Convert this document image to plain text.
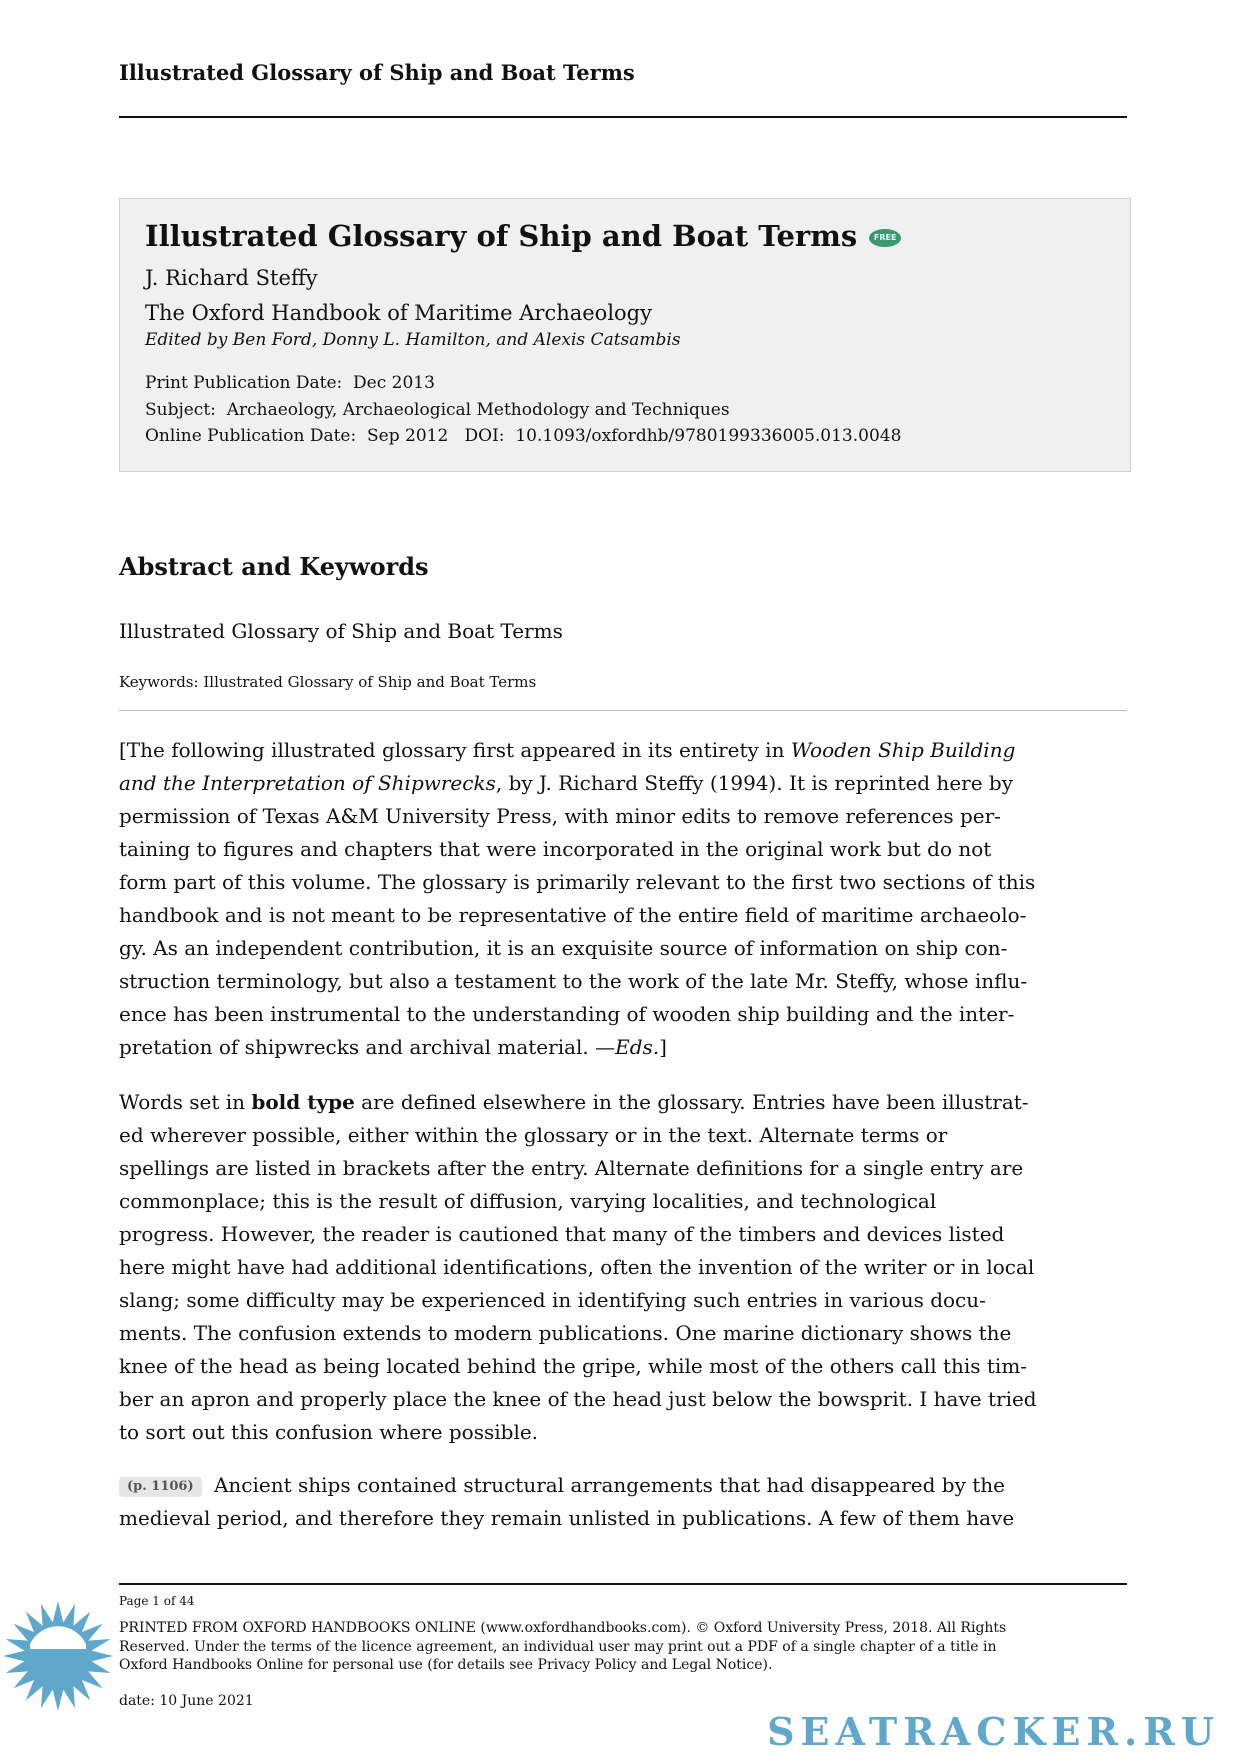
Illustrated Glossary of Ship and Boat Terms
Illustrated Glossary of Ship and Boat Terms FREE
J. Richard Steffy
The Oxford Handbook of Maritime Archaeology
Edited by Ben Ford, Donny L. Hamilton, and Alexis Catsambis
Print Publication Date: Dec 2013
Subject: Archaeology, Archaeological Methodology and Techniques
Online Publication Date: Sep 2012 DOI: 10.1093/oxfordhb/9780199336005.013.0048
Abstract and Keywords
Illustrated Glossary of Ship and Boat Terms
Keywords: Illustrated Glossary of Ship and Boat Terms
[The following illustrated glossary first appeared in its entirety in Wooden Ship Building
and the Interpretation of Shipwrecks, by J. Richard Steffy (1994). It is reprinted here by
permission of Texas A&M University Press, with minor edits to remove references per-
taining to figures and chapters that were incorporated in the original work but do not
form part of this volume. The glossary is primarily relevant to the first two sections of this
handbook and is not meant to be representative of the entire field of maritime archaeolo-
gy. As an independent contribution, it is an exquisite source of information on ship con-
struction terminology, but also a testament to the work of the late Mr. Steffy, whose influ-
ence has been instrumental to the understanding of wooden ship building and the inter-
pretation of shipwrecks and archival material. —Eds.]
Words set in bold type are defined elsewhere in the glossary. Entries have been illustrat-
ed wherever possible, either within the glossary or in the text. Alternate terms or
spellings are listed in brackets after the entry. Alternate definitions for a single entry are
commonplace; this is the result of diffusion, varying localities, and technological
progress. However, the reader is cautioned that many of the timbers and devices listed
here might have had additional identifications, often the invention of the writer or in local
slang; some difficulty may be experienced in identifying such entries in various docu-
ments. The confusion extends to modern publications. One marine dictionary shows the
knee of the head as being located behind the gripe, while most of the others call this tim-
ber an apron and properly place the knee of the head just below the bowsprit. I have tried
to sort out this confusion where possible.
(p. 1106) Ancient ships contained structural arrangements that had disappeared by the
medieval period, and therefore they remain unlisted in publications. A few of them have
Page 1 of 44
PRINTED FROM OXFORD HANDBOOKS ONLINE (www.oxfordhandbooks.com). © Oxford University Press, 2018. All Rights
Reserved. Under the terms of the licence agreement, an individual user may print out a PDF of a single chapter of a title in
Oxford Handbooks Online for personal use (for details see Privacy Policy and Legal Notice).
date: 10 June 2021
SEATRACKER.RU
